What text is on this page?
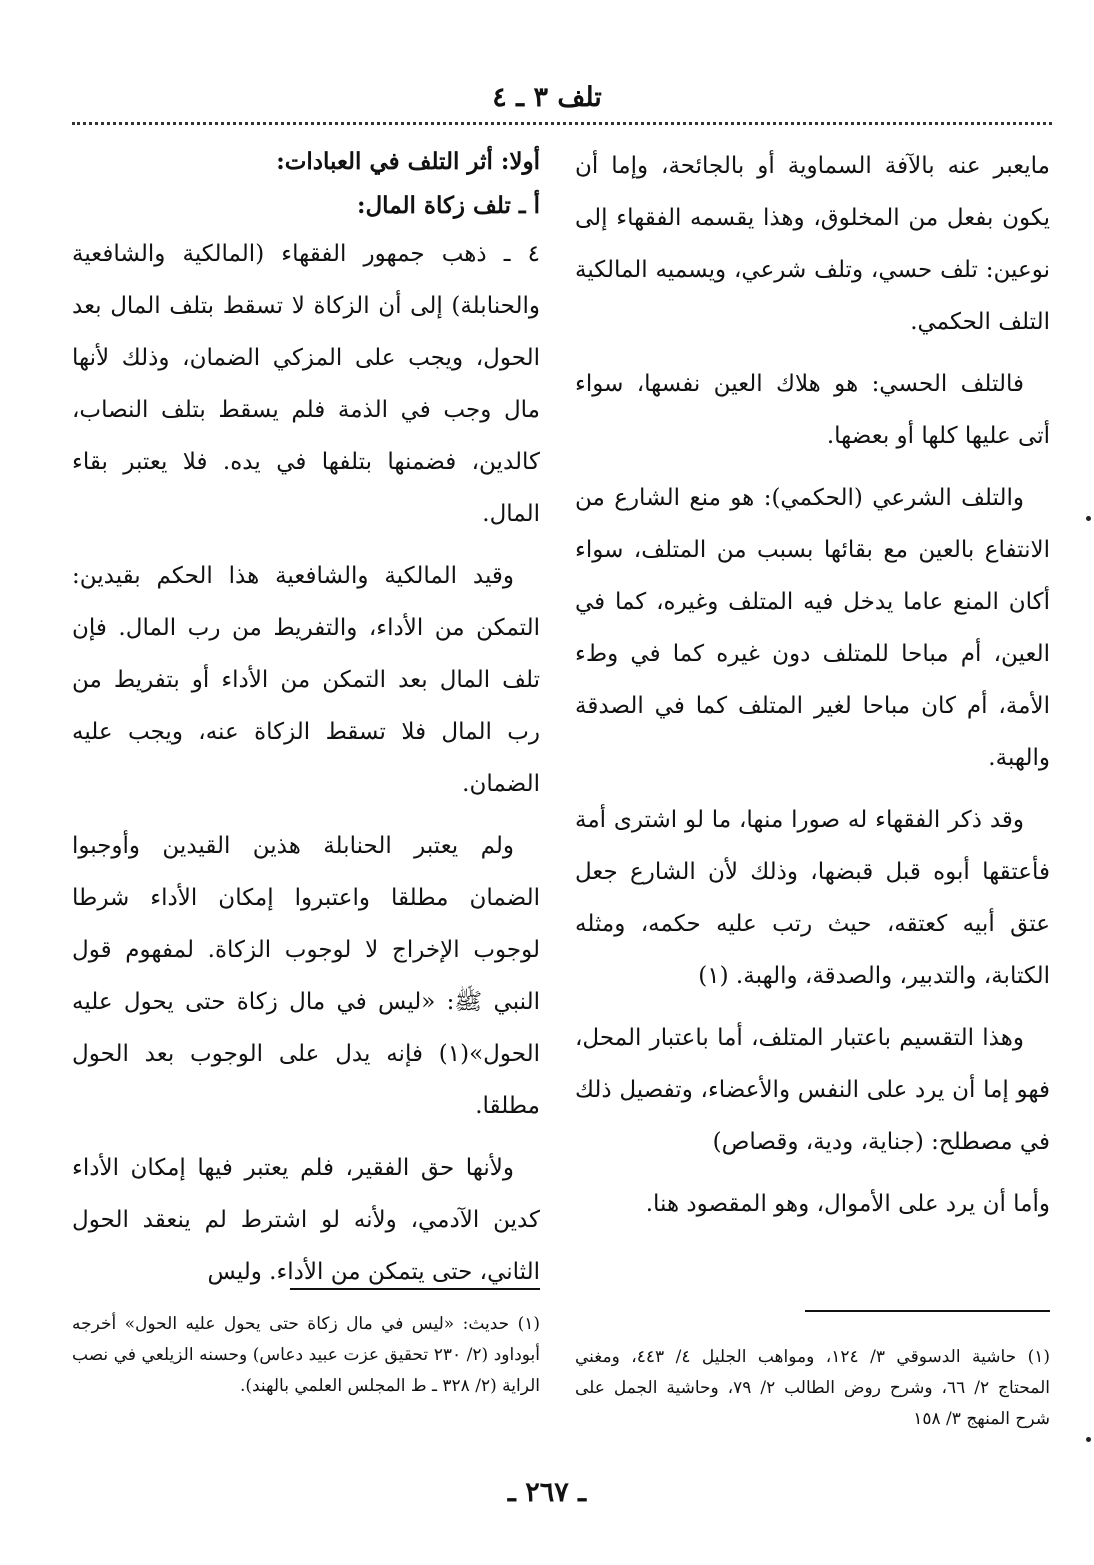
تلف ٣ ـ ٤

مايعبر عنه بالآفة السماوية أو بالجائحة، وإما أن يكون بفعل من المخلوق، وهذا يقسمه الفقهاء إلى نوعين: تلف حسي، وتلف شرعي، ويسميه المالكية التلف الحكمي.

فالتلف الحسي: هو هلاك العين نفسها، سواء أتى عليها كلها أو بعضها.

والتلف الشرعي (الحكمي): هو منع الشارع من الانتفاع بالعين مع بقائها بسبب من المتلف، سواء أكان المنع عاما يدخل فيه المتلف وغيره، كما في العين، أم مباحا للمتلف دون غيره كما في وطء الأمة، أم كان مباحا لغير المتلف كما في الصدقة والهبة.

وقد ذكر الفقهاء له صورا منها، ما لو اشترى أمة فأعتقها أبوه قبل قبضها، وذلك لأن الشارع جعل عتق أبيه كعتقه، حيث رتب عليه حكمه، ومثله الكتابة، والتدبير، والصدقة، والهبة. (١)

وهذا التقسيم باعتبار المتلف، أما باعتبار المحل، فهو إما أن يرد على النفس والأعضاء، وتفصيل ذلك في مصطلح: (جناية، ودية، وقصاص)

وأما أن يرد على الأموال، وهو المقصود هنا.

أولا: أثر التلف في العبادات:
أ ـ تلف زكاة المال:

٤ ـ ذهب جمهور الفقهاء (المالكية والشافعية والحنابلة) إلى أن الزكاة لا تسقط بتلف المال بعد الحول، ويجب على المزكي الضمان، وذلك لأنها مال وجب في الذمة فلم يسقط بتلف النصاب، كالدين، فضمنها بتلفها في يده. فلا يعتبر بقاء المال.

وقيد المالكية والشافعية هذا الحكم بقيدين: التمكن من الأداء، والتفريط من رب المال. فإن تلف المال بعد التمكن من الأداء أو بتفريط من رب المال فلا تسقط الزكاة عنه، ويجب عليه الضمان.

ولم يعتبر الحنابلة هذين القيدين وأوجبوا الضمان مطلقا واعتبروا إمكان الأداء شرطا لوجوب الإخراج لا لوجوب الزكاة. لمفهوم قول النبي ﷺ: «ليس في مال زكاة حتى يحول عليه الحول»(١) فإنه يدل على الوجوب بعد الحول مطلقا.

ولأنها حق الفقير، فلم يعتبر فيها إمكان الأداء كدين الآدمي، ولأنه لو اشترط لم ينعقد الحول الثاني، حتى يتمكن من الأداء. وليس

(١) حاشية الدسوقي ٣/ ١٢٤، ومواهب الجليل ٤/ ٤٤٣، ومغني المحتاج ٢/ ٦٦، وشرح روض الطالب ٢/ ٧٩، وحاشية الجمل على شرح المنهج ٣/ ١٥٨
(١) حديث: «ليس في مال زكاة حتى يحول عليه الحول» أخرجه أبوداود (٢/ ٢٣٠ تحقيق عزت عبيد دعاس) وحسنه الزيلعي في نصب الراية (٢/ ٣٢٨ ـ ط المجلس العلمي بالهند).
ـ ٢٦٧ ـ
